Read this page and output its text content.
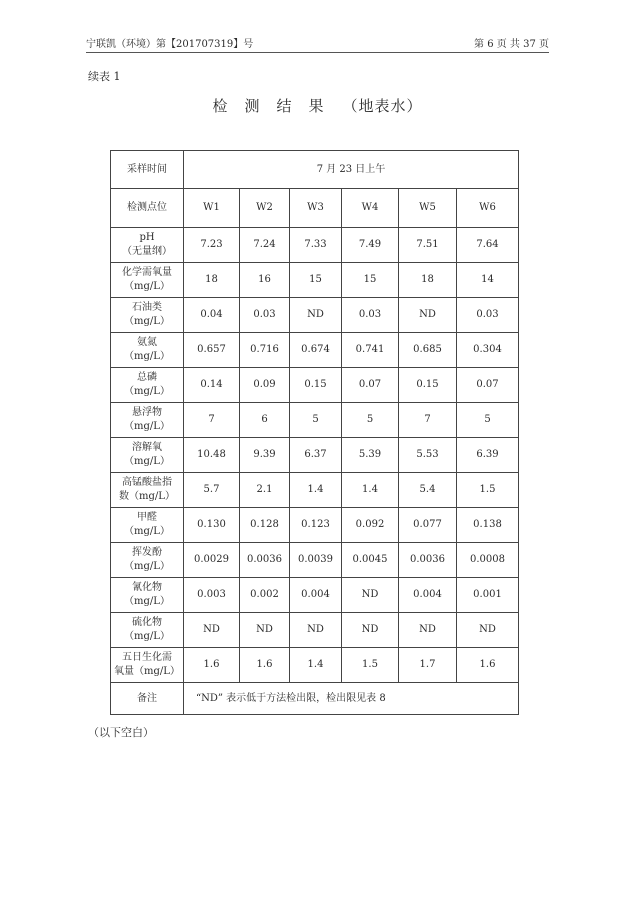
宁联凯（环境）第【20170731​9】号	第 6 页 共 37 页
续表 1
检　测　结　果 （地表水）
采样时间	7 月 23 日上午					
检测点位	W1	W2	W3	W4	W5	W6

pH
（无量纲）	7.23	7.24	7.33	7.49	7.51	7.64

化学需氧量
（mg/L）	18	16	15	15	18	14

石油类
（mg/L）	0.04	0.03	ND	0.03	ND	0.03

氨氮
（mg/L）	0.657	0.716	0.674	0.741	0.685	0.304

总磷
（mg/L）	0.14	0.09	0.15	0.07	0.15	0.07

悬浮物
（mg/L）	7	6	5	5	7	5

溶解氧
（mg/L）	10.48	9.39	6.37	5.39	5.53	6.39

高锰酸盐指
数（mg/L）	5.7	2.1	1.4	1.4	5.4	1.5

甲醛
（mg/L）	0.130	0.128	0.123	0.092	0.077	0.138

挥发酚
（mg/L）	0.0029	0.0036	0.0039	0.0045	0.0036	0.0008

氰化物
（mg/L）	0.003	0.002	0.004	ND	0.004	0.001

硫化物
（mg/L）	ND	ND	ND	ND	ND	ND

五日生化需
氧量（mg/L）	1.6	1.6	1.4	1.5	1.7	1.6
备注	“ND” 表示低于方法检出限，检出限见表 8					
（以下空白）
